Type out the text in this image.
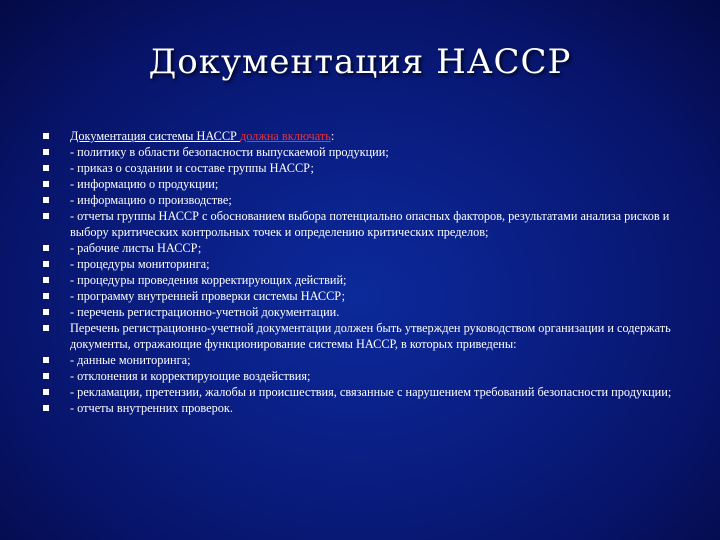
Документация НАССР
Документация системы НАССР должна включать:
- политику в области безопасности выпускаемой продукции;
- приказ о создании и составе группы НАССР;
- информацию о продукции;
- информацию о производстве;
- отчеты группы НАССР с обоснованием выбора потенциально опасных факторов, результатами анализа рисков и выбору критических контрольных точек и определению критических пределов;
- рабочие листы НАССР;
- процедуры мониторинга;
- процедуры проведения корректирующих действий;
- программу внутренней проверки системы НАССР;
- перечень регистрационно-учетной документации.
Перечень регистрационно-учетной документации должен быть утвержден руководством организации и содержать документы, отражающие функционирование системы НАССР, в которых приведены:
- данные мониторинга;
- отклонения и корректирующие воздействия;
- рекламации, претензии, жалобы и происшествия, связанные с нарушением требований безопасности продукции;
- отчеты внутренних проверок.
